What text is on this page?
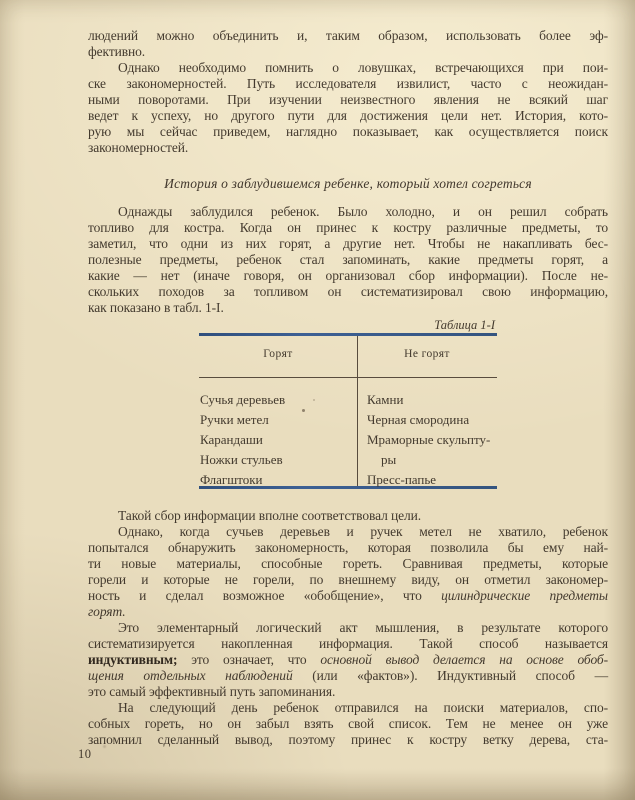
людений можно объединить и, таким образом, использовать более эф-
фективно.
Однако необходимо помнить о ловушках, встречающихся при пои-
ске закономерностей. Путь исследователя извилист, часто с неожидан-
ными поворотами. При изучении неизвестного явления не всякий шаг
ведет к успеху, но другого пути для достижения цели нет. История, кото-
рую мы сейчас приведем, наглядно показывает, как осуществляется поиск
закономерностей.
История о заблудившемся ребенке, который хотел согреться
Однажды заблудился ребенок. Было холодно, и он решил собрать
топливо для костра. Когда он принес к костру различные предметы, то
заметил, что одни из них горят, а другие нет. Чтобы не накапливать бес-
полезные предметы, ребенок стал запоминать, какие предметы горят, а
какие — нет (иначе говоря, он организовал сбор информации). После не-
скольких походов за топливом он систематизировал свою информацию,
как показано в табл. 1-I.
Таблица 1-I
Горят	Не горят
Сучья деревьев
Ручки метел
Карандаши
Ножки стульев
Флагштоки
Камни
Черная смородина
Мраморные скульпту-
ры
Пресс-папье
Такой сбор информации вполне соответствовал цели.
Однако, когда сучьев деревьев и ручек метел не хватило, ребенок
попытался обнаружить закономерность, которая позволила бы ему най-
ти новые материалы, способные гореть. Сравнивая предметы, которые
горели и которые не горели, по внешнему виду, он отметил закономер-
ность и сделал возможное «обобщение», что цилиндрические предметы
горят.
Это элементарный логический акт мышления, в результате которого
систематизируется накопленная информация. Такой способ называется
индуктивным; это означает, что основной вывод делается на основе обоб-
щения отдельных наблюдений (или «фактов»). Индуктивный способ —
это самый эффективный путь запоминания.
На следующий день ребенок отправился на поиски материалов, спо-
собных гореть, но он забыл взять свой список. Тем не менее он уже
запомнил сделанный вывод, поэтому принес к костру ветку дерева, ста-
10
